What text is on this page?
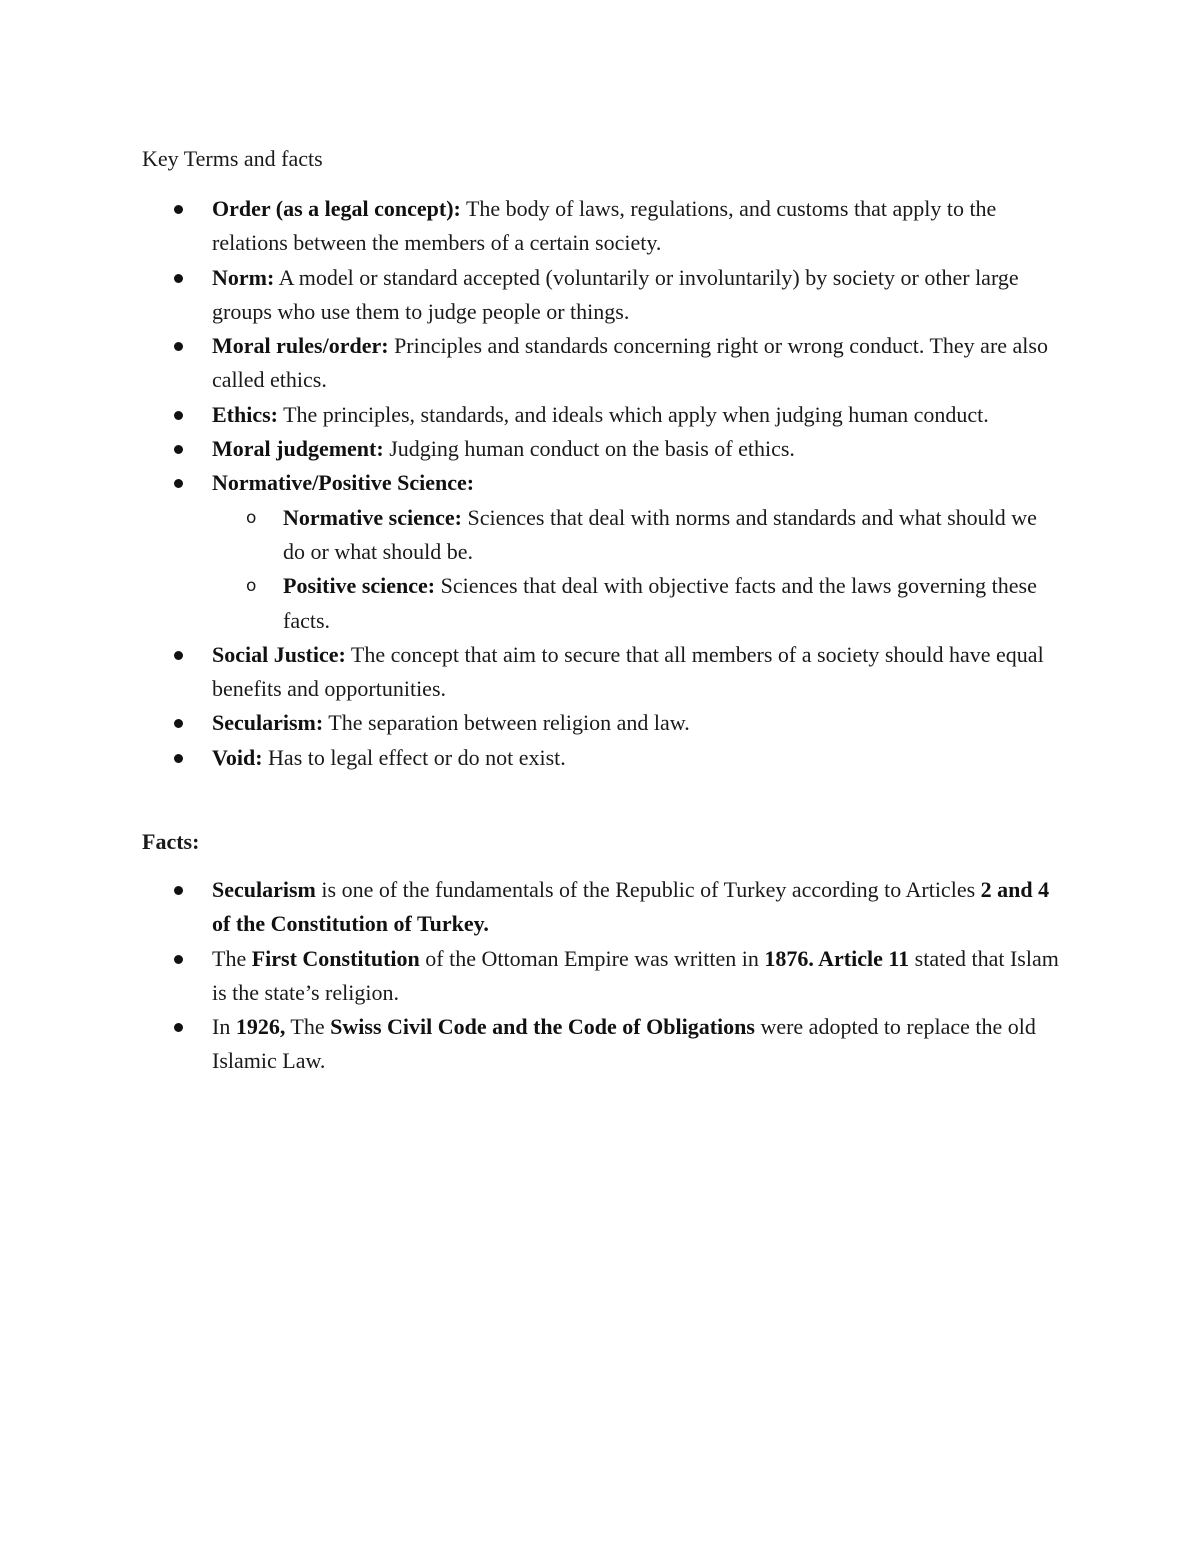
Key Terms and facts
Order (as a legal concept): The body of laws, regulations, and customs that apply to the relations between the members of a certain society.
Norm: A model or standard accepted (voluntarily or involuntarily) by society or other large groups who use them to judge people or things.
Moral rules/order: Principles and standards concerning right or wrong conduct. They are also called ethics.
Ethics: The principles, standards, and ideals which apply when judging human conduct.
Moral judgement: Judging human conduct on the basis of ethics.
Normative/Positive Science:
o Normative science: Sciences that deal with norms and standards and what should we do or what should be.
o Positive science: Sciences that deal with objective facts and the laws governing these facts.
Social Justice: The concept that aim to secure that all members of a society should have equal benefits and opportunities.
Secularism: The separation between religion and law.
Void: Has to legal effect or do not exist.
Facts:
Secularism is one of the fundamentals of the Republic of Turkey according to Articles 2 and 4 of the Constitution of Turkey.
The First Constitution of the Ottoman Empire was written in 1876. Article 11 stated that Islam is the state’s religion.
In 1926, The Swiss Civil Code and the Code of Obligations were adopted to replace the old Islamic Law.
